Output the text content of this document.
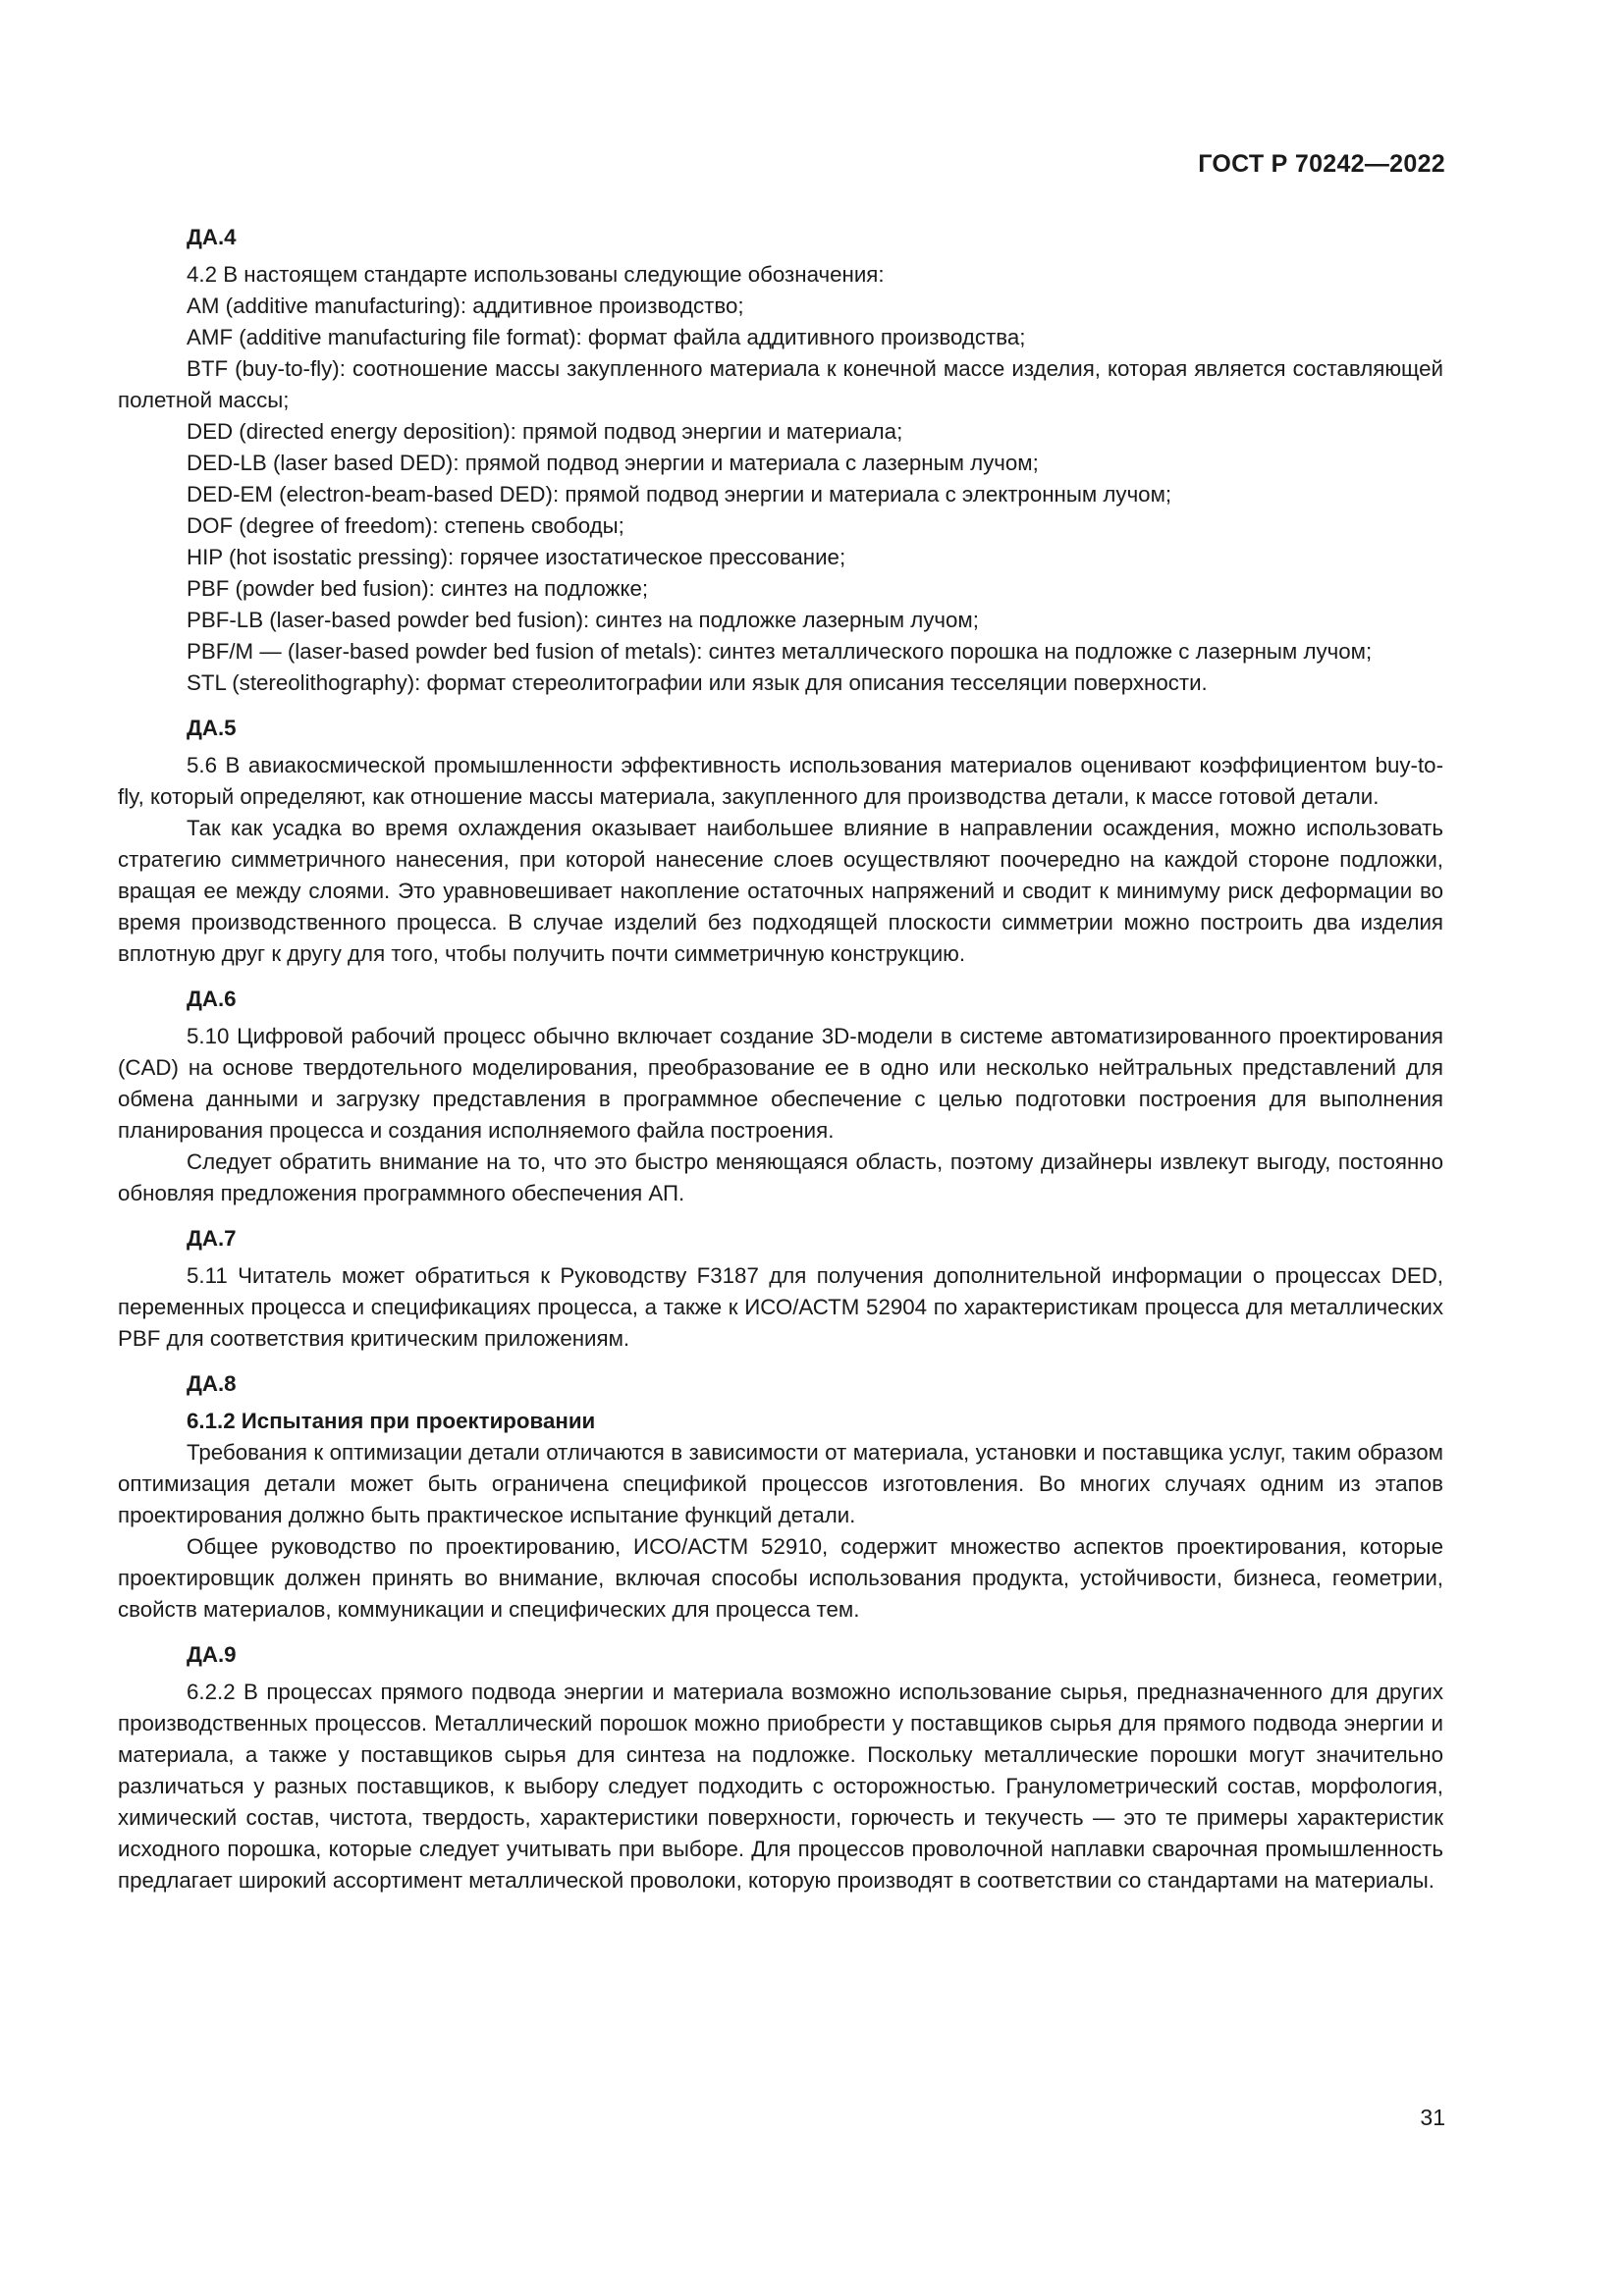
ГОСТ Р 70242—2022
ДА.4

4.2 В настоящем стандарте использованы следующие обозначения:

AM (additive manufacturing): аддитивное производство;

AMF (additive manufacturing file format): формат файла аддитивного производства;

BTF (buy-to-fly): соотношение массы закупленного материала к конечной массе изделия, которая является составляющей полетной массы;

DED (directed energy deposition): прямой подвод энергии и материала;

DED-LB (laser based DED): прямой подвод энергии и материала с лазерным лучом;

DED-EM (electron-beam-based DED): прямой подвод энергии и материала с электронным лучом;

DOF (degree of freedom): степень свободы;

HIP (hot isostatic pressing): горячее изостатическое прессование;

PBF (powder bed fusion): синтез на подложке;

PBF-LB (laser-based powder bed fusion): синтез на подложке лазерным лучом;

PBF/M — (laser-based powder bed fusion of metals): синтез металлического порошка на подложке с лазерным лучом;

STL (stereolithography): формат стереолитографии или язык для описания тесселяции поверхности.

ДА.5

5.6 В авиакосмической промышленности эффективность использования материалов оценивают коэффициентом buy-to-fly, который определяют, как отношение массы материала, закупленного для производства детали, к массе готовой детали.

Так как усадка во время охлаждения оказывает наибольшее влияние в направлении осаждения, можно использовать стратегию симметричного нанесения, при которой нанесение слоев осуществляют поочередно на каждой стороне подложки, вращая ее между слоями. Это уравновешивает накопление остаточных напряжений и сводит к минимуму риск деформации во время производственного процесса. В случае изделий без подходящей плоскости симметрии можно построить два изделия вплотную друг к другу для того, чтобы получить почти симметричную конструкцию.

ДА.6

5.10 Цифровой рабочий процесс обычно включает создание 3D-модели в системе автоматизированного проектирования (CAD) на основе твердотельного моделирования, преобразование ее в одно или несколько нейтральных представлений для обмена данными и загрузку представления в программное обеспечение с целью подготовки построения для выполнения планирования процесса и создания исполняемого файла построения.

Следует обратить внимание на то, что это быстро меняющаяся область, поэтому дизайнеры извлекут выгоду, постоянно обновляя предложения программного обеспечения АП.

ДА.7

5.11 Читатель может обратиться к Руководству F3187 для получения дополнительной информации о процессах DED, переменных процесса и спецификациях процесса, а также к ИСО/АСТМ 52904 по характеристикам процесса для металлических PBF для соответствия критическим приложениям.

ДА.8

6.1.2 Испытания при проектировании

Требования к оптимизации детали отличаются в зависимости от материала, установки и поставщика услуг, таким образом оптимизация детали может быть ограничена спецификой процессов изготовления. Во многих случаях одним из этапов проектирования должно быть практическое испытание функций детали.

Общее руководство по проектированию, ИСО/АСТМ 52910, содержит множество аспектов проектирования, которые проектировщик должен принять во внимание, включая способы использования продукта, устойчивости, бизнеса, геометрии, свойств материалов, коммуникации и специфических для процесса тем.

ДА.9

6.2.2 В процессах прямого подвода энергии и материала возможно использование сырья, предназначенного для других производственных процессов. Металлический порошок можно приобрести у поставщиков сырья для прямого подвода энергии и материала, а также у поставщиков сырья для синтеза на подложке. Поскольку металлические порошки могут значительно различаться у разных поставщиков, к выбору следует подходить с осторожностью. Гранулометрический состав, морфология, химический состав, чистота, твердость, характеристики поверхности, горючесть и текучесть — это те примеры характеристик исходного порошка, которые следует учитывать при выборе. Для процессов проволочной наплавки сварочная промышленность предлагает широкий ассортимент металлической проволоки, которую производят в соответствии со стандартами на материалы.

31
